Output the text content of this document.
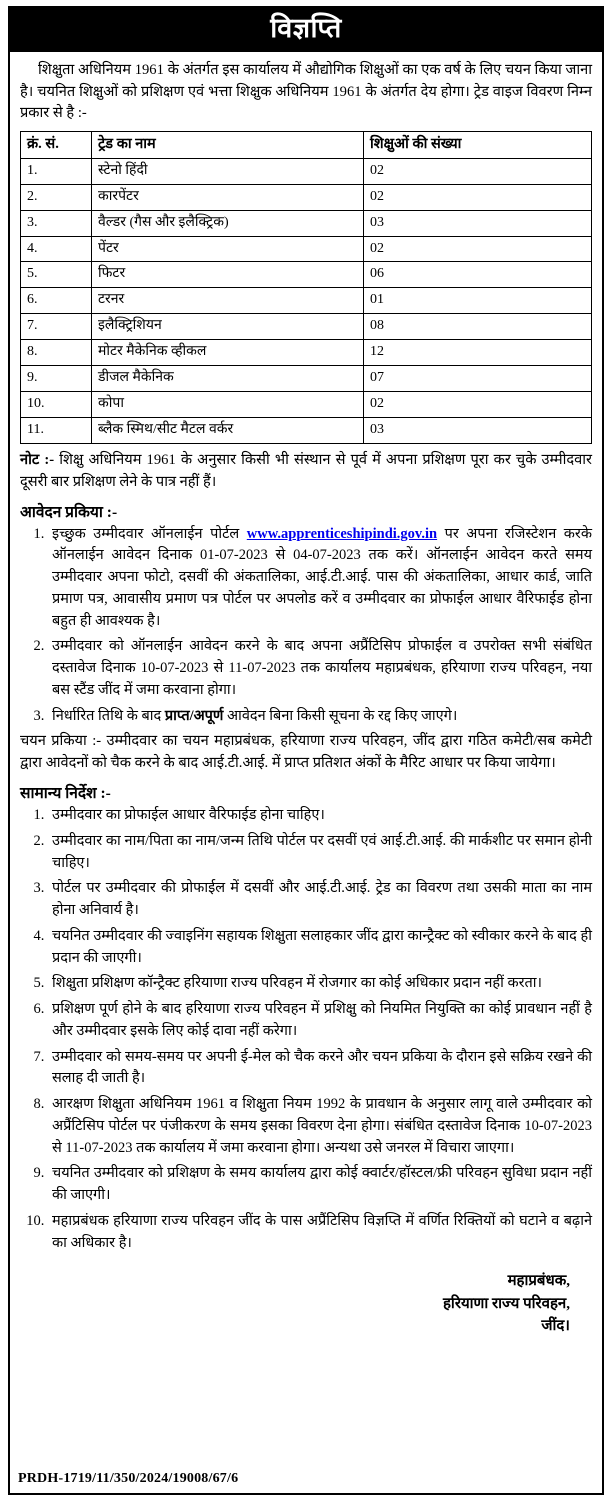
विज्ञप्ति

शिक्षुता अधिनियम 1961 के अंतर्गत इस कार्यालय में औद्योगिक शिक्षुओं का एक वर्ष के लिए चयन किया जाना है। चयनित शिक्षुओं को प्रशिक्षण एवं भत्ता शिक्षुक अधिनियम 1961 के अंतर्गत देय होगा। ट्रेड वाइज विवरण निम्न प्रकार से है :-

क्रं. सं.	ट्रेड का नाम	शिक्षुओं की संख्या
1.	स्टेनो हिंदी	02
2.	कारपेंटर	02
3.	वैल्डर (गैस और इलैक्ट्रिक)	03
4.	पेंटर	02
5.	फिटर	06
6.	टरनर	01
7.	इलैक्ट्रिशियन	08
8.	मोटर मैकेनिक व्हीकल	12
9.	डीजल मैकेनिक	07
10.	कोपा	02
11.	ब्लैक स्मिथ/सीट मैटल वर्कर	03
नोट :- शिक्षु अधिनियम 1961 के अनुसार किसी भी संस्थान से पूर्व में अपना प्रशिक्षण पूरा कर चुके उम्मीदवार दूसरी बार प्रशिक्षण लेने के पात्र नहीं हैं।
आवेदन प्रकिया :-
1. इच्छुक उम्मीदवार ऑनलाईन पोर्टल www.apprenticeshipindi.gov.in पर अपना रजिस्टेशन करके ऑनलाईन आवेदन दिनाक 01-07-2023 से 04-07-2023 तक करें। ऑनलाईन आवेदन करते समय उम्मीदवार अपना फोटो, दसवीं की अंकतालिका, आई.टी.आई. पास की अंकतालिका, आधार कार्ड, जाति प्रमाण पत्र, आवासीय प्रमाण पत्र पोर्टल पर अपलोड करें व उम्मीदवार का प्रोफाईल आधार वैरिफाईड होना बहुत ही आवश्यक है।
2. उम्मीदवार को ऑनलाईन आवेदन करने के बाद अपना अप्रैंटिसिप प्रोफाईल व उपरोक्त सभी संबंधित दस्तावेज दिनाक 10-07-2023 से 11-07-2023 तक कार्यालय महाप्रबंधक, हरियाणा राज्य परिवहन, नया बस स्टैंड जींद में जमा करवाना होगा।
3. निर्धारित तिथि के बाद प्राप्त/अपूर्ण आवेदन बिना किसी सूचना के रद्द किए जाएगे।
चयन प्रकिया :- उम्मीदवार का चयन महाप्रबंधक, हरियाणा राज्य परिवहन, जींद द्वारा गठित कमेटी/सब कमेटी द्वारा आवेदनों को चैक करने के बाद आई.टी.आई. में प्राप्त प्रतिशत अंकों के मैरिट आधार पर किया जायेगा।
सामान्य निर्देश :-
1. उम्मीदवार का प्रोफाईल आधार वैरिफाईड होना चाहिए।
2. उम्मीदवार का नाम/पिता का नाम/जन्म तिथि पोर्टल पर दसवीं एवं आई.टी.आई. की मार्कशीट पर समान होनी चाहिए।
3. पोर्टल पर उम्मीदवार की प्रोफाईल में दसवीं और आई.टी.आई. ट्रेड का विवरण तथा उसकी माता का नाम होना अनिवार्य है।
4. चयनित उम्मीदवार की ज्वाइनिंग सहायक शिक्षुता सलाहकार जींद द्वारा कान्ट्रैक्ट को स्वीकार करने के बाद ही प्रदान की जाएगी।
5. शिक्षुता प्रशिक्षण कॉन्ट्रैक्ट हरियाणा राज्य परिवहन में रोजगार का कोई अधिकार प्रदान नहीं करता।
6. प्रशिक्षण पूर्ण होने के बाद हरियाणा राज्य परिवहन में प्रशिक्षु को नियमित नियुक्ति का कोई प्रावधान नहीं है और उम्मीदवार इसके लिए कोई दावा नहीं करेगा।
7. उम्मीदवार को समय-समय पर अपनी ई-मेल को चैक करने और चयन प्रकिया के दौरान इसे सक्रिय रखने की सलाह दी जाती है।
8. आरक्षण शिक्षुता अधिनियम 1961 व शिक्षुता नियम 1992 के प्रावधान के अनुसार लागू वाले उम्मीदवार को अप्रैंटिसिप पोर्टल पर पंजीकरण के समय इसका विवरण देना होगा। संबंधित दस्तावेज दिनाक 10-07-2023 से 11-07-2023 तक कार्यालय में जमा करवाना होगा। अन्यथा उसे जनरल में विचारा जाएगा।
9. चयनित उम्मीदवार को प्रशिक्षण के समय कार्यालय द्वारा कोई क्वार्टर/हॉस्टल/फ्री परिवहन सुविधा प्रदान नहीं की जाएगी।
10. महाप्रबंधक हरियाणा राज्य परिवहन जींद के पास अप्रैंटिसिप विज्ञप्ति में वर्णित रिक्तियों को घटाने व बढ़ाने का अधिकार है।
महाप्रबंधक,
हरियाणा राज्य परिवहन,
जींद।
PRDH-1719/11/350/2024/19008/67/6
